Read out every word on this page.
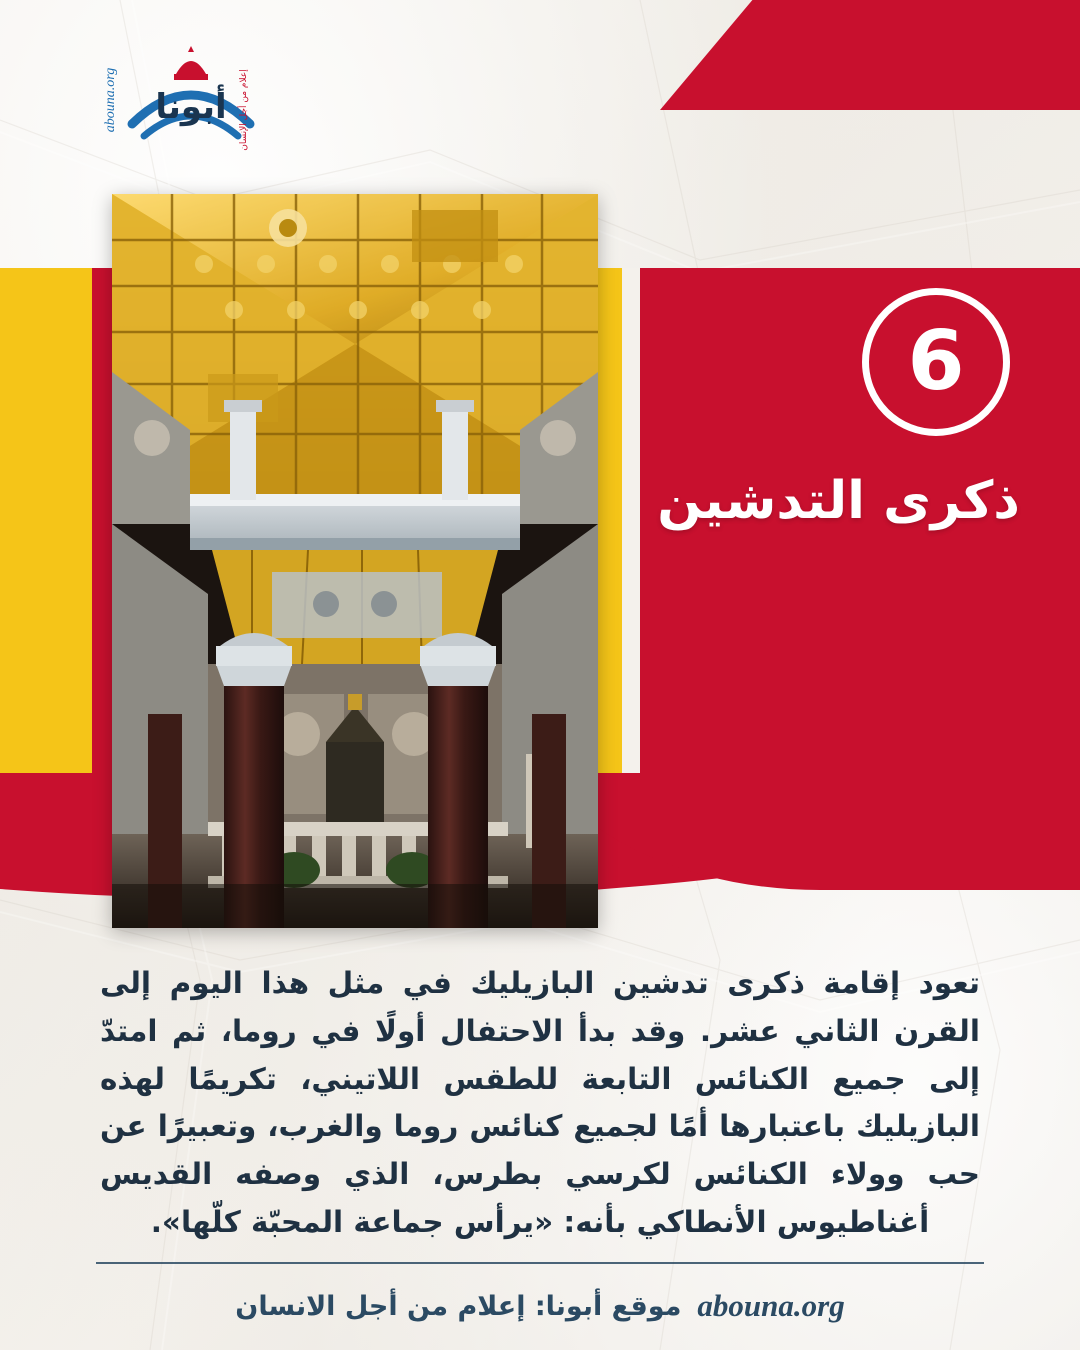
أبونا
abouna.org	إعلام من أجل الإنسان
6
ذكرى التدشين
تعود إقامة ذكرى تدشين البازيليك في مثل هذا اليوم إلى القرن الثاني عشر. وقد بدأ الاحتفال أولًا في روما، ثم امتدّ إلى جميع الكنائس التابعة للطقس اللاتيني، تكريمًا لهذه البازيليك باعتبارها أمًا لجميع كنائس روما والغرب، وتعبيرًا عن حب وولاء الكنائس لكرسي بطرس، الذي وصفه القديس أغناطيوس الأنطاكي بأنه: «يرأس جماعة المحبّة كلّها».
موقع أبونا: إعلام من أجل الانسان abouna.org
